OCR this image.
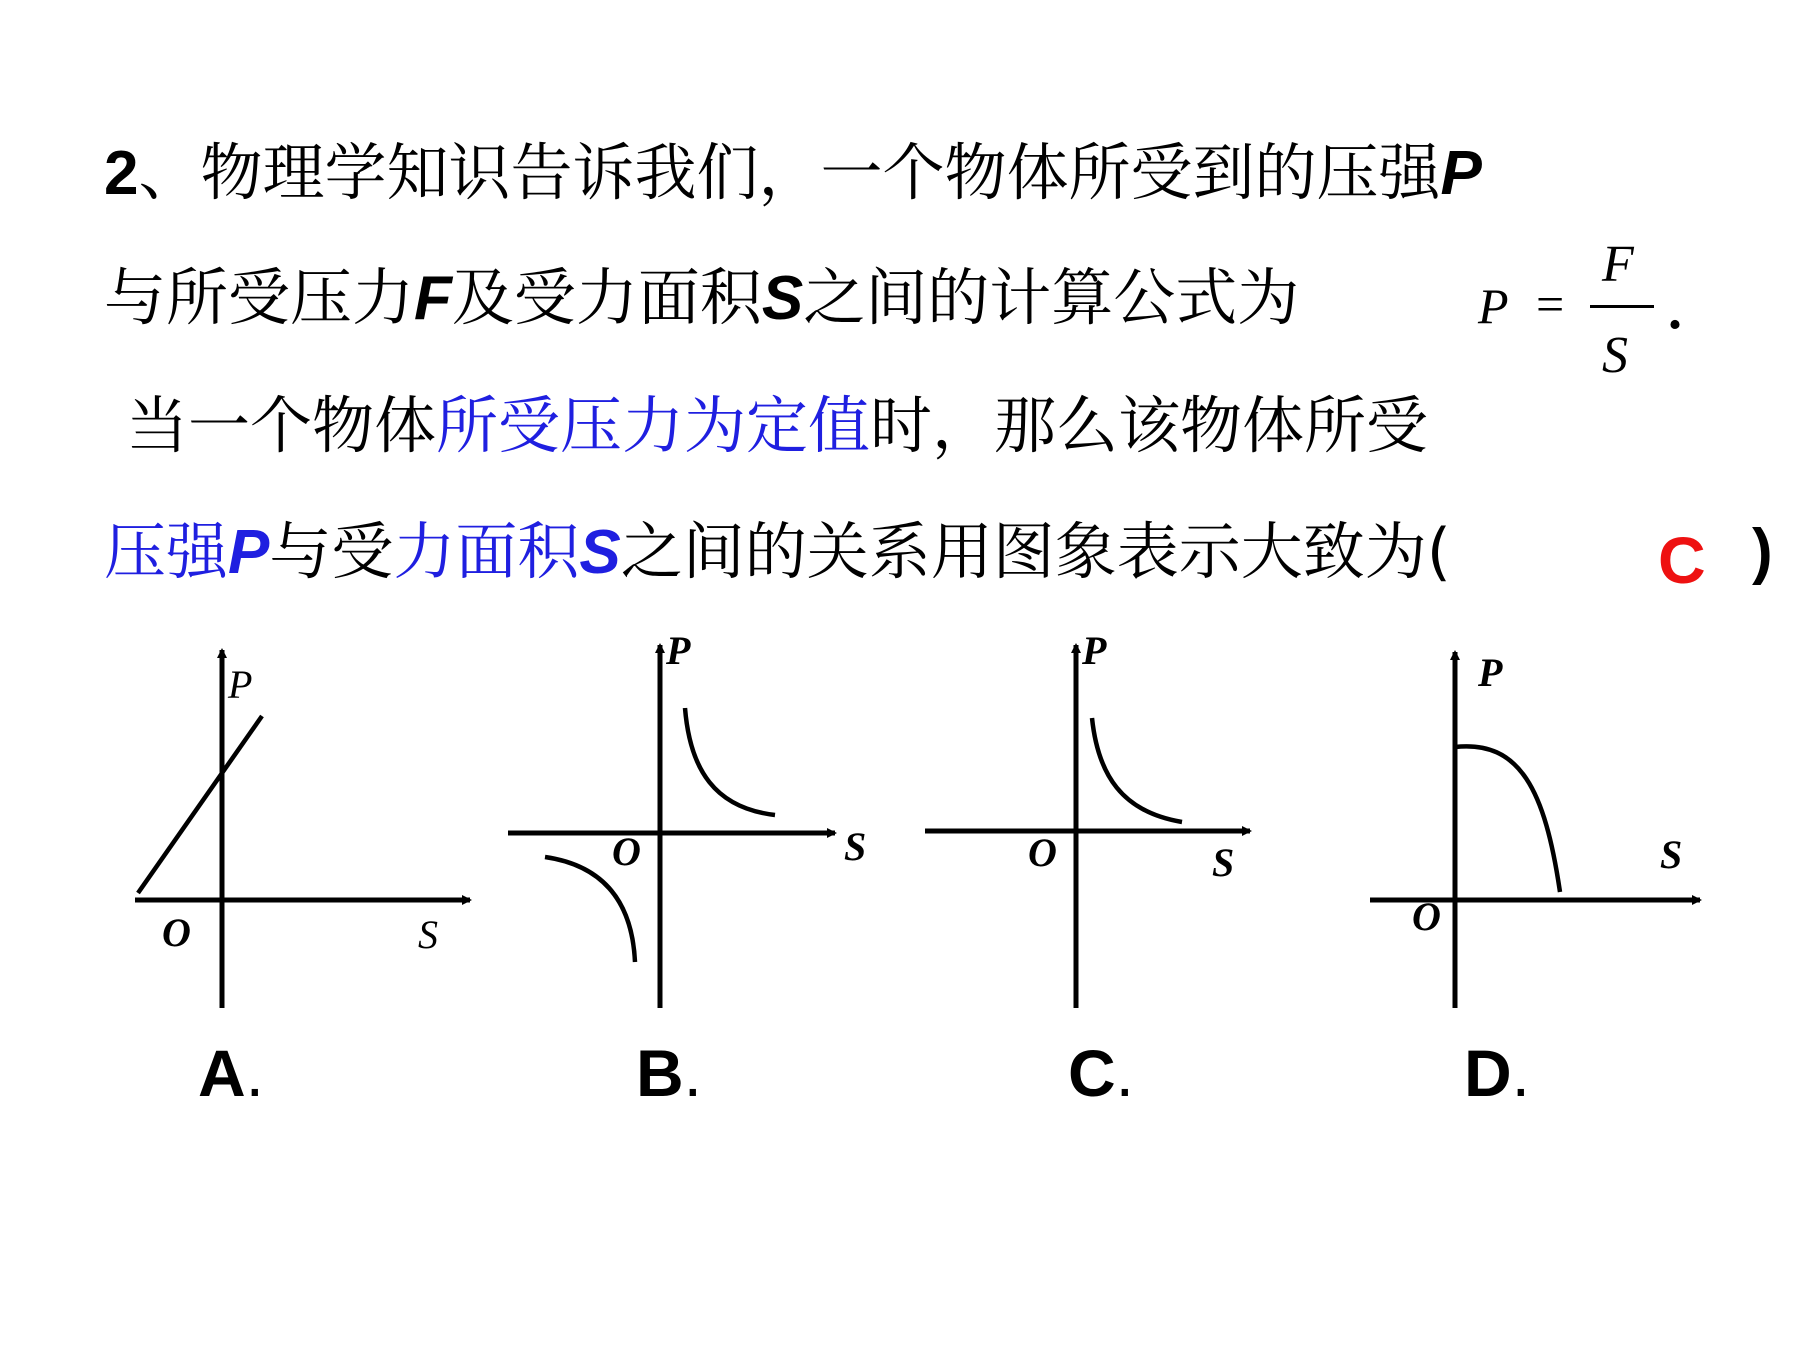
2、物理学知识告诉我们，一个物体所受到的压强P
与所受压力F及受力面积S之间的计算公式为	P =
F
S
.
当一个物体所受压力为定值时，那么该物体所受
压强P与受力面积S之间的关系用图象表示大致为(	C )
P
S
O
P
S
O
P
S
O
P
S
O
A.	B.	C.	D.
